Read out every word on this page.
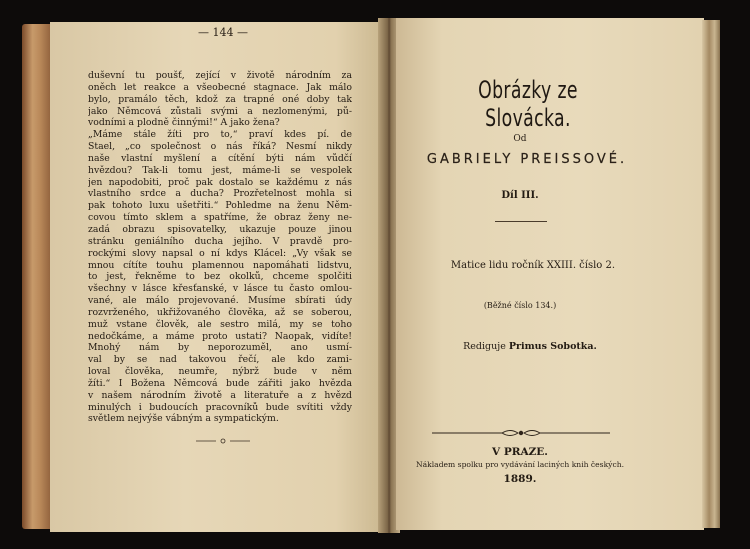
— 144 —

duševní tu poušť, zející v životě národním za

oněch let reakce a všeobecné stagnace. Jak málo

bylo, pramálo těch, kdož za trapné oné doby tak

jako Němcová zůstali svými a nezlomenými, pů-

vodními a plodně činnými!“ A jako žena?

„Máme stále žíti pro to,“ praví kdes pí. de

Stael, „co společnost o nás říká? Nesmí nikdy

naše vlastní myšlení a cítění býti nám vůdčí

hvězdou? Tak-li tomu jest, máme-li se vespolek

jen napodobiti, proč pak dostalo se každému z nás

vlastního srdce a ducha? Prozřetelnost mohla si

pak tohoto luxu ušetřiti.“ Pohledme na ženu Něm-

covou tímto sklem a spatříme, že obraz ženy ne-

zadá obrazu spisovatelky, ukazuje pouze jinou

stránku geniálního ducha jejího. V pravdě pro-

rockými slovy napsal o ní kdys Klácel: „Vy však se

mnou cítíte touhu plamennou napomáhati lidstvu,

to jest, řekněme to bez okolků, chceme spolčiti

všechny v lásce křesťanské, v lásce tu často omlou-

vané, ale málo projevované. Musíme sbírati údy

rozvrženého, ukřižovaného člověka, až se soberou,

muž vstane člověk, ale sestro milá, my se toho

nedočkáme, a máme proto ustati? Naopak, vidíte!

Mnohý nám by neporozuměl, ano usmí-

val by se nad takovou řečí, ale kdo zami-

loval člověka, neumře, nýbrž bude v něm

žíti.“ I Božena Němcová bude zářiti jako hvězda

v našem národním životě a literatuře a z hvězd

minulých i budoucích pracovníků bude svítiti vždy

světlem nejvýše vábným a sympatickým.

Obrázky ze Slovácka.
Od
GABRIELY PREISSOVÉ.
Díl III.
Matice lidu ročník XXIII. číslo 2.
(Běžné číslo 134.)
Rediguje Primus Sobotka.
V PRAZE.
Nákladem spolku pro vydávání laciných knih českých.
1889.
